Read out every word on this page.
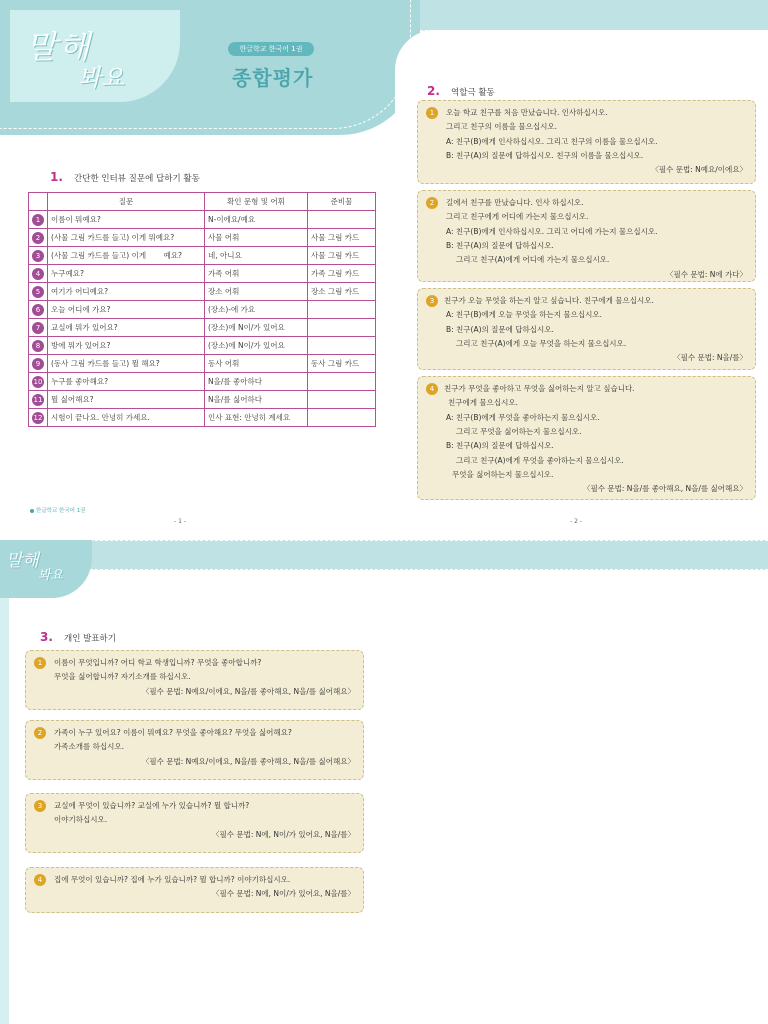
말해
봐요
한글학교 한국어 1권
종합평가
1. 간단한 인터뷰 질문에 답하기 활동
	질문	확인 문형 및 어휘	준비물
1	이름이 뭐예요?	N-이에요/예요	
2	(사물 그림 카드를 들고) 이게 뭐예요?	사물 어휘	사물 그림 카드
3	(사물 그림 카드를 들고) 이게 　　예요?	네, 아니요	사물 그림 카드
4	누구예요?	가족 어휘	가족 그림 카드
5	여기가 어디예요?	장소 어휘	장소 그림 카드
6	오늘 어디에 가요?	(장소)-에 가요	
7	교실에 뭐가 있어요?	(장소)에 N이/가 있어요	
8	방에 뭐가 있어요?	(장소)에 N이/가 있어요	
9	(동사 그림 카드를 들고) 뭘 해요?	동사 어휘	동사 그림 카드
10	누구를 좋아해요?	N을/를 좋아하다	
11	뭘 싫어해요?	N을/를 싫어하다	
12	시험이 끝나요. 안녕히 가세요.	인사 표현: 안녕히 계세요	
2. 역할극 활동
1	오늘 학교 친구를 처음 만났습니다. 인사하십시오.
그리고 친구의 이름을 물으십시오.
A: 친구(B)에게 인사하십시오. 그리고 친구의 이름을 물으십시오.
B: 친구(A)의 질문에 답하십시오. 친구의 이름을 물으십시오.
〈필수 문법: N예요/이에요〉
2	길에서 친구를 만났습니다. 인사 하십시오.
그리고 친구에게 어디에 가는지 물으십시오.
A: 친구(B)에게 인사하십시오. 그리고 어디에 가는지 물으십시오.
B: 친구(A)의 질문에 답하십시오.
그리고 친구(A)에게 어디에 가는지 물으십시오.
〈필수 문법: N에 가다〉
3	친구가 오늘 무엇을 하는지 알고 싶습니다. 친구에게 물으십시오.
A: 친구(B)에게 오늘 무엇을 하는지 물으십시오.
B: 친구(A)의 질문에 답하십시오.
그리고 친구(A)에게 오늘 무엇을 하는지 물으십시오.
〈필수 문법: N을/를〉
4	친구가 무엇을 좋아하고 무엇을 싫어하는지 알고 싶습니다.
친구에게 물으십시오.
A: 친구(B)에게 무엇을 좋아하는지 물으십시오.
그리고 무엇을 싫어하는지 물으십시오.
B: 친구(A)의 질문에 답하십시오.
그리고 친구(A)에게 무엇을 좋아하는지 물으십시오.
무엇을 싫어하는지 물으십시오.
〈필수 문법: N을/를 좋아해요, N을/를 싫어해요〉
한글학교 한국어 1권
- 1 -	- 2 -
말해
봐요
3. 개인 발표하기
1	이름이 무엇입니까? 어디 학교 학생입니까? 무엇을 좋아합니까?
무엇을 싫어합니까? 자기소개를 하십시오.
〈필수 문법: N예요/이에요, N을/를 좋아해요, N을/를 싫어해요〉
2	가족이 누구 있어요? 이름이 뭐예요? 무엇을 좋아해요? 무엇을 싫어해요?
가족소개를 하십시오.
〈필수 문법: N예요/이에요, N을/를 좋아해요, N을/를 싫어해요〉
3	교실에 무엇이 있습니까? 교실에 누가 있습니까? 뭘 합니까?
이야기하십시오.
〈필수 문법: N에, N이/가 있어요, N을/를〉
4	집에 무엇이 있습니까? 집에 누가 있습니까? 뭘 합니까? 이야기하십시오.
〈필수 문법: N에, N이/가 있어요, N을/를〉
